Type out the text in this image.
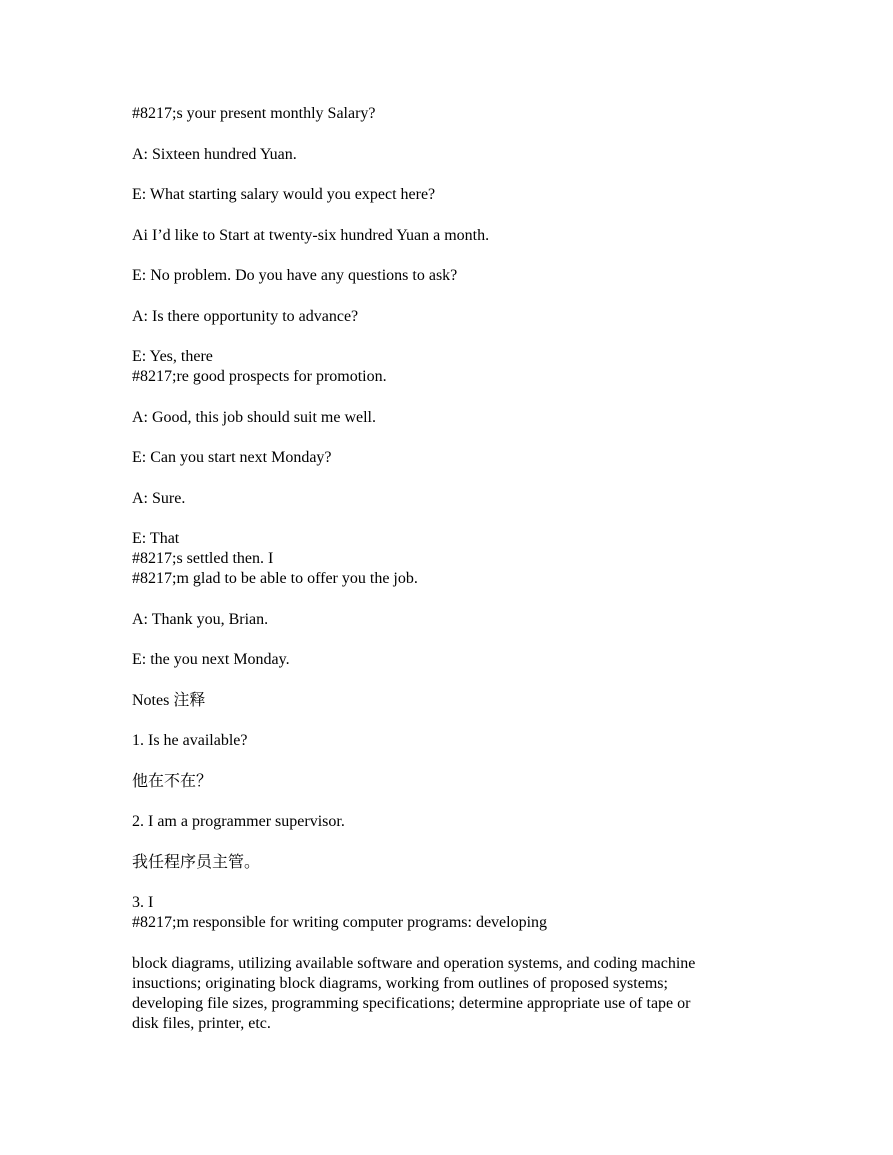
#8217;s your present monthly Salary?

A: Sixteen hundred Yuan.

E: What starting salary would you expect here?

Ai I’d like to Start at twenty-six hundred Yuan a month.

E: No problem. Do you have any questions to ask?

A: Is there opportunity to advance?

E: Yes, there
#8217;re good prospects for promotion.

A: Good, this job should suit me well.

E: Can you start next Monday?

A: Sure.

E: That
#8217;s settled then. I
#8217;m glad to be able to offer you the job.

A: Thank you, Brian.

E: the you next Monday.

Notes 注释

1. Is he available?

他在不在？

2. I am a programmer supervisor.

我任程序员主管。

3. I
#8217;m responsible for writing computer programs: developing

block diagrams, utilizing available software and operation systems, and coding machine
insuctions; originating block diagrams, working from outlines of proposed systems;
developing file sizes, programming specifications; determine appropriate use of tape or
disk files, printer, etc.
